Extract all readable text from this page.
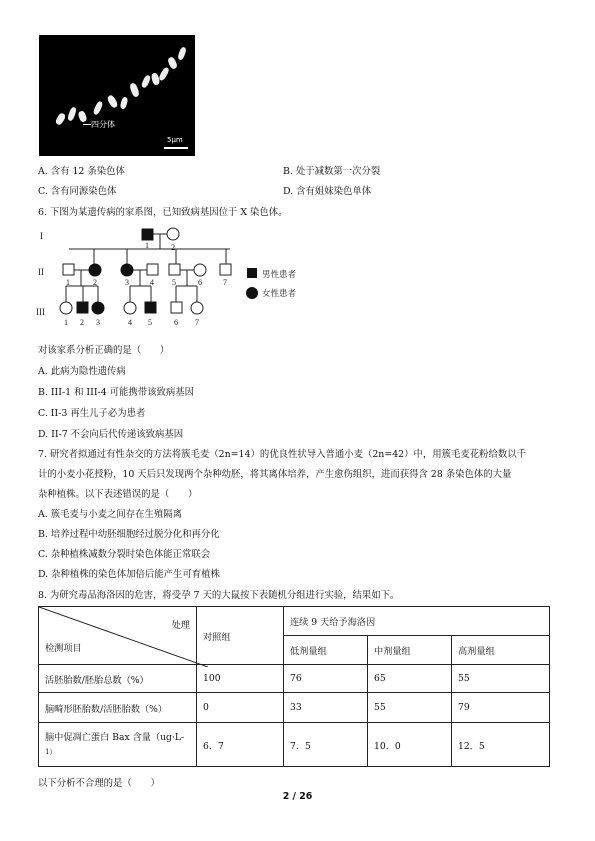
四分体
5μm
A. 含有 12 条染色体	B. 处于减数第一次分裂
C. 含有同源染色体	D. 含有姐妹染色单体
6. 下图为某遗传病的家系图，已知致病基因位于 X 染色体。
I
II
III
1	2
1	2	3	4 5	6	7
1 2 3	4 5	6 7
男性患者
女性患者
对该家系分析正确的是（　　）
A. 此病为隐性遗传病
B. III-1 和 III-4 可能携带该致病基因
C. II-3 再生儿子必为患者
D. II-7 不会向后代传递该致病基因
7. 研究者拟通过有性杂交的方法将簇毛麦（2n=14）的优良性状导入普通小麦（2n=42）中，用簇毛麦花粉给数以千
计的小麦小花授粉，10 天后只发现两个杂种幼胚，将其离体培养，产生愈伤组织，进而获得含 28 条染色体的大量
杂种植株。以下表述错误的是（　　）
A. 簇毛麦与小麦之间存在生殖隔离
B. 培养过程中幼胚细胞经过脱分化和再分化
C. 杂种植株减数分裂时染色体能正常联会
D. 杂种植株的染色体加倍后能产生可育植株
8. 为研究毒品海洛因的危害，将受孕 7 天的大鼠按下表随机分组进行实验，结果如下。
处理
检测项目	对照组	连续 9 天给予海洛因		
		低剂量组	中剂量组	高剂量组
活胚胎数/胚胎总数（%）	100	76	65	55
脑畸形胚胎数/活胚胎数（%）	0	33	55	79
脑中促凋亡蛋白 Bax 含量（ug·L-
1）	6．7	7．5	10．0	12．5
以下分析不合理的是（　　）
2 / 26
